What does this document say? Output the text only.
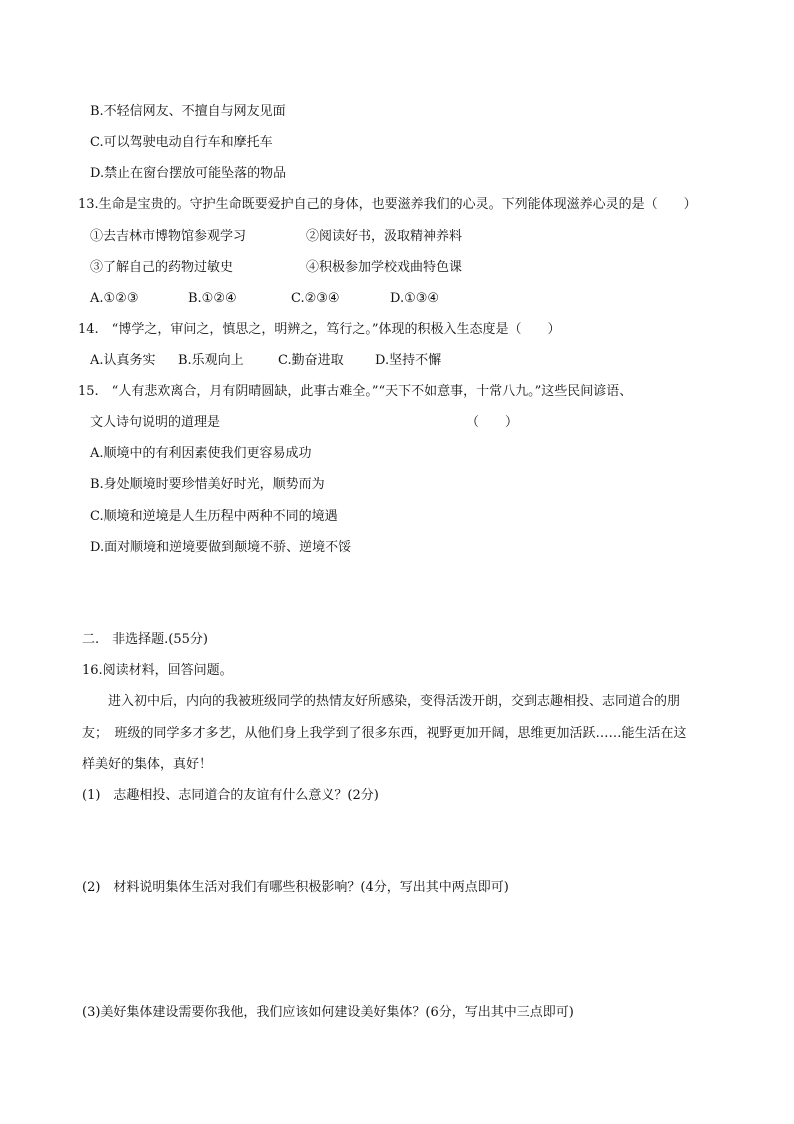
B.不轻信网友、不擅自与网友见面
C.可以驾驶电动自行车和摩托车
D.禁止在窗台摆放可能坠落的物品
13.生命是宝贵的。守护生命既要爱护自己的身体，也要滋养我们的心灵。下列能体现滋养心灵的是（　　）
①去吉林市博物馆参观学习	②阅读好书，汲取精神养料
③了解自己的药物过敏史	④积极参加学校戏曲特色课
A.①②③	B.①②④	C.②③④	D.①③④
14.　“博学之，审问之，慎思之，明辨之，笃行之。”体现的积极入生态度是（　　）
A.认真务实 B.乐观向上	C.勤奋进取 D.坚持不懈
15.　“人有悲欢离合，月有阴晴圆缺，此事古难全。”“天下不如意事，十常八九。”这些民间谚语、
文人诗句说明的道理是	（　　）
A.顺境中的有利因素使我们更容易成功
B.身处顺境时要珍惜美好时光，顺势而为
C.顺境和逆境是人生历程中两种不同的境遇
D.面对顺境和逆境要做到颠境不骄、逆境不馁
二.　非选择题.(55分)
16.阅读材料，回答问题。
进入初中后，内向的我被班级同学的热情友好所感染，变得活泼开朗，交到志趣相投、志同道合的朋
友；　班级的同学多才多艺，从他们身上我学到了很多东西，视野更加开阔，思维更加活跃……能生活在这
样美好的集体，真好！
(1)　志趣相投、志同道合的友谊有什么意义？(2分)
(2)　材料说明集体生活对我们有哪些积极影响？(4分，写出其中两点即可)
(3)美好集体建设需要你我他，我们应该如何建设美好集体？(6分，写出其中三点即可)
